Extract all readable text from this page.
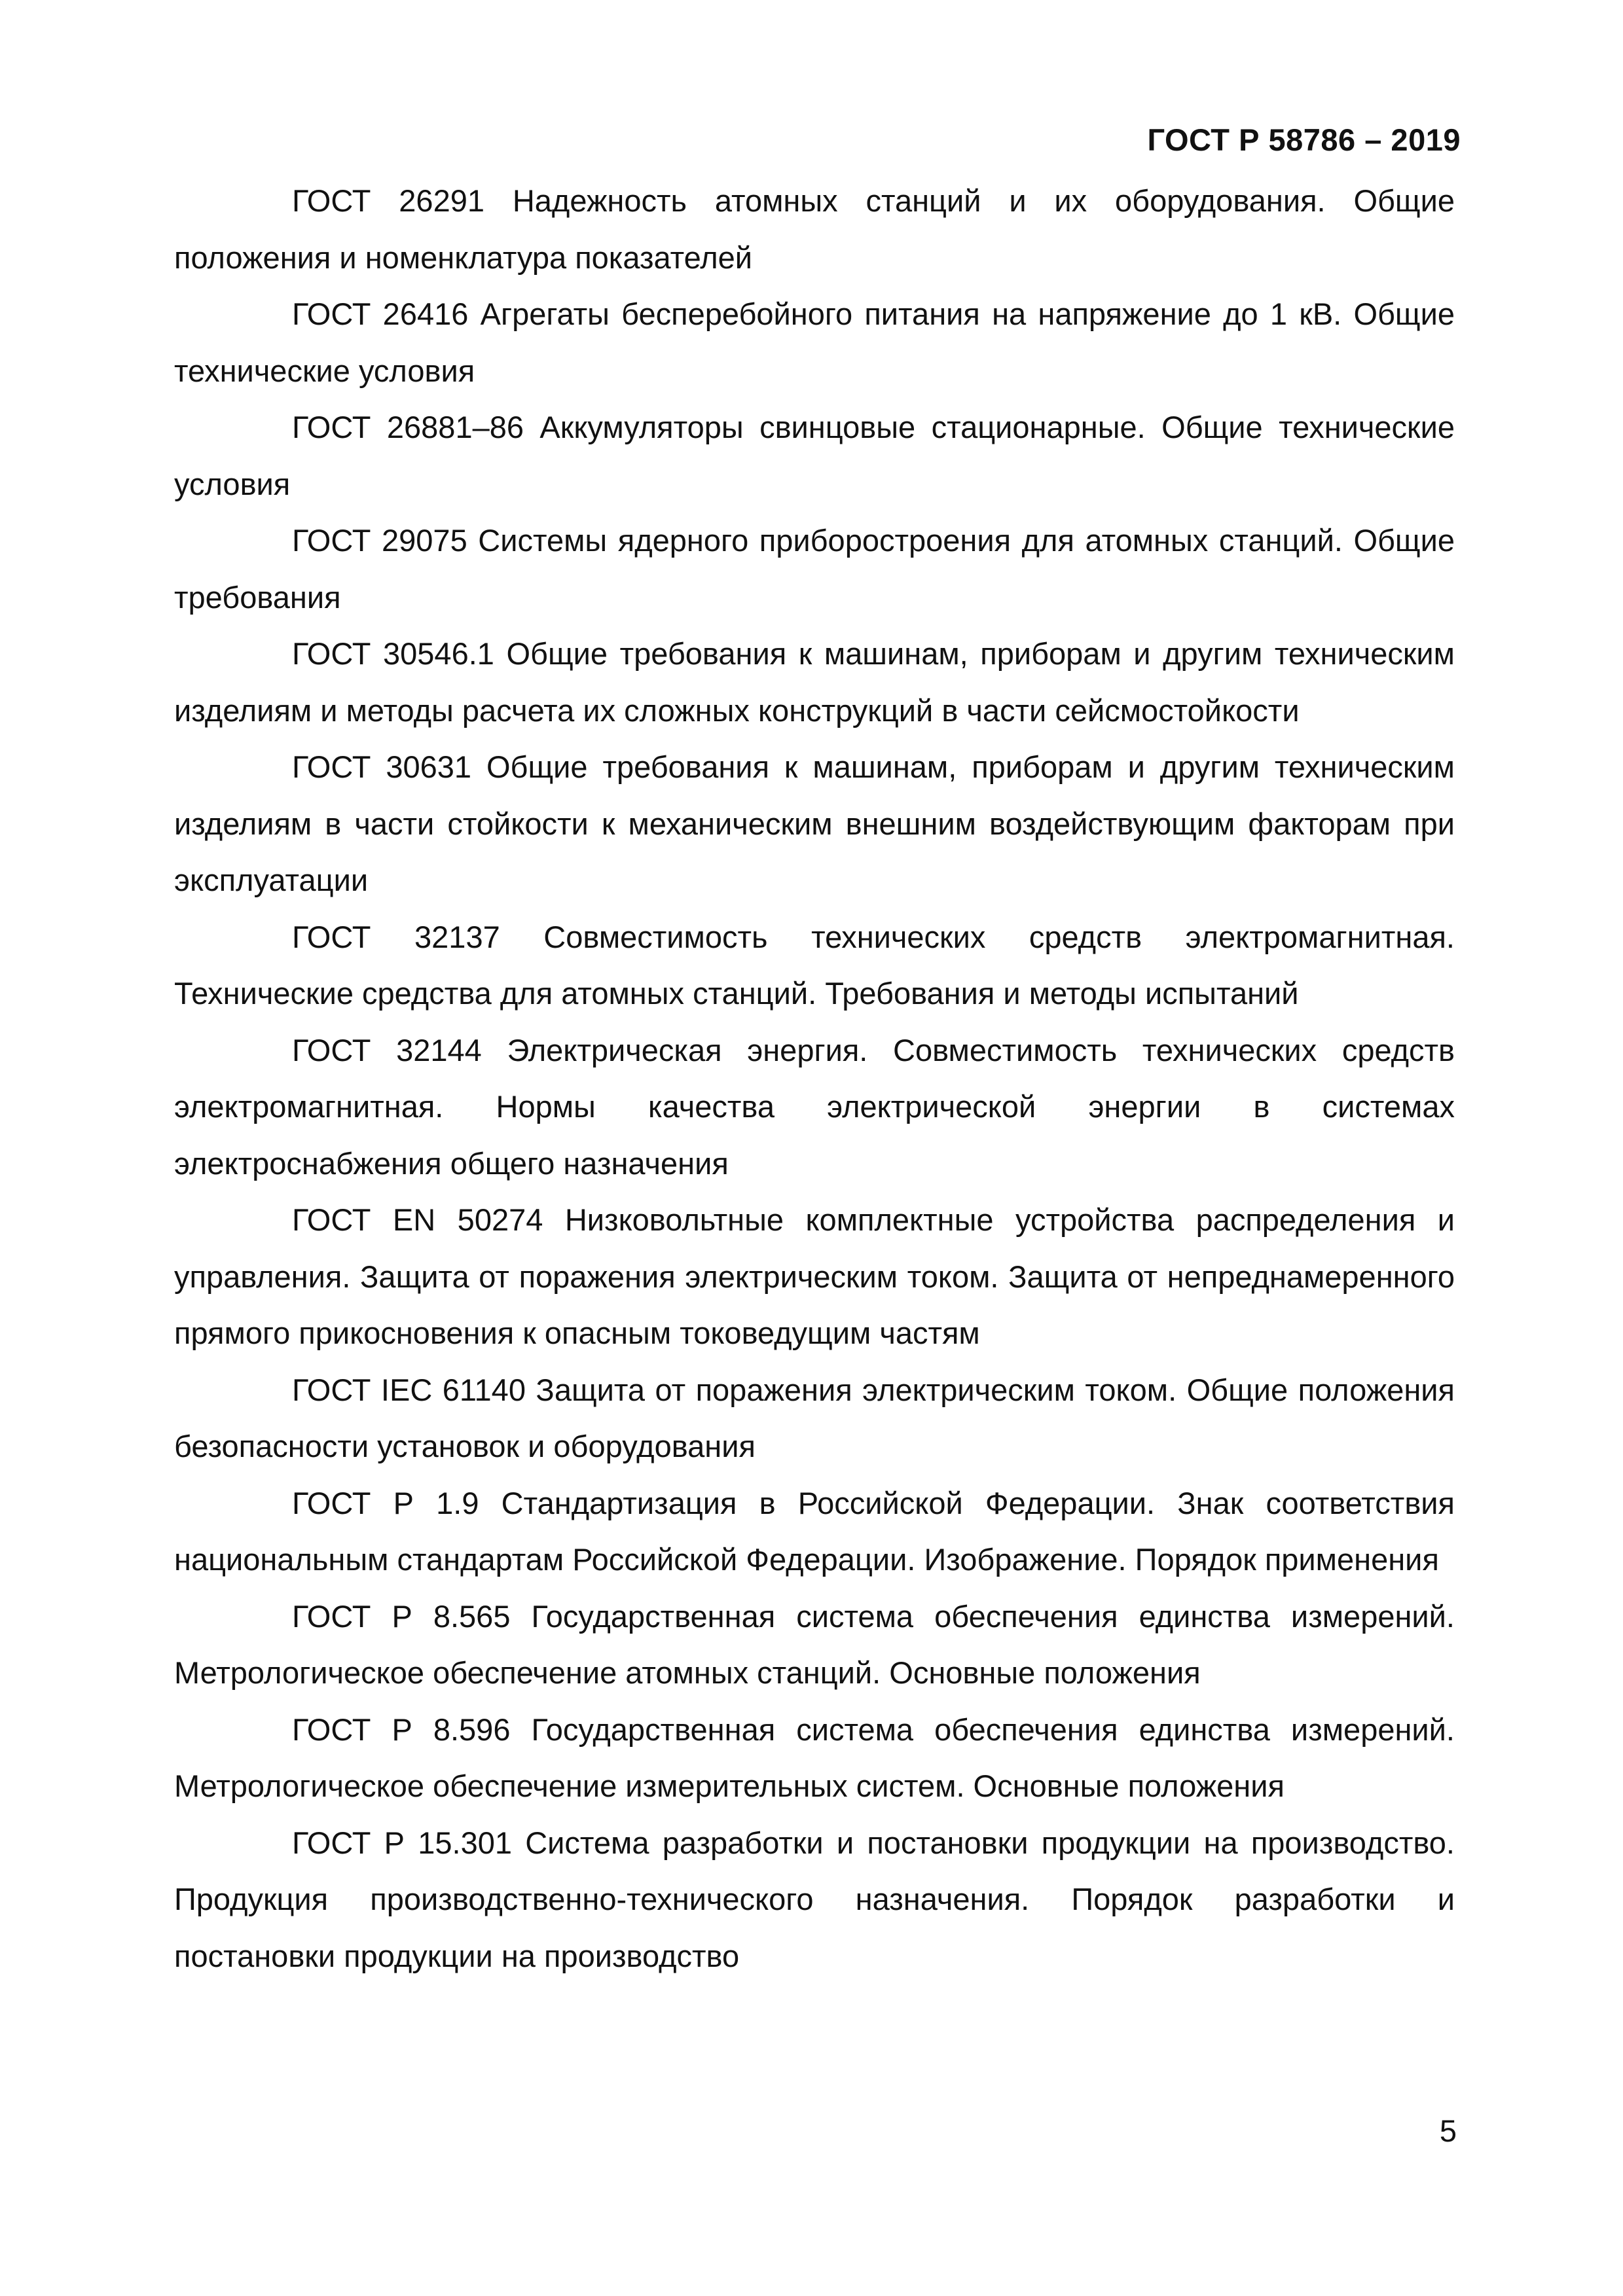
ГОСТ Р 58786 – 2019

ГОСТ 26291 Надежность атомных станций и их оборудования. Общие положения и номенклатура показателей

ГОСТ 26416 Агрегаты бесперебойного питания на напряжение до 1 кВ. Общие технические условия

ГОСТ 26881–86 Аккумуляторы свинцовые стационарные. Общие технические условия

ГОСТ 29075 Системы ядерного приборостроения для атомных станций. Общие требования

ГОСТ 30546.1 Общие требования к машинам, приборам и другим техническим изделиям и методы расчета их сложных конструкций в части сейсмостойкости

ГОСТ 30631 Общие требования к машинам, приборам и другим техническим изделиям в части стойкости к механическим внешним воздействующим факторам при эксплуатации

ГОСТ 32137 Совместимость технических средств электромагнитная. Технические средства для атомных станций. Требования и методы испытаний

ГОСТ 32144 Электрическая энергия. Совместимость технических средств электромагнитная. Нормы качества электрической энергии в системах электроснабжения общего назначения

ГОСТ EN 50274 Низковольтные комплектные устройства распределения и управления. Защита от поражения электрическим током. Защита от непреднамеренного прямого прикосновения к опасным токоведущим частям

ГОСТ IEC 61140 Защита от поражения электрическим током. Общие положения безопасности установок и оборудования

ГОСТ Р 1.9 Стандартизация в Российской Федерации. Знак соответствия национальным стандартам Российской Федерации. Изображение. Порядок применения

ГОСТ Р 8.565 Государственная система обеспечения единства измерений. Метрологическое обеспечение атомных станций. Основные положения

ГОСТ Р 8.596 Государственная система обеспечения единства измерений. Метрологическое обеспечение измерительных систем. Основные положения

ГОСТ Р 15.301 Система разработки и постановки продукции на производство. Продукция производственно-технического назначения. Порядок разработки и постановки продукции на производство

5
